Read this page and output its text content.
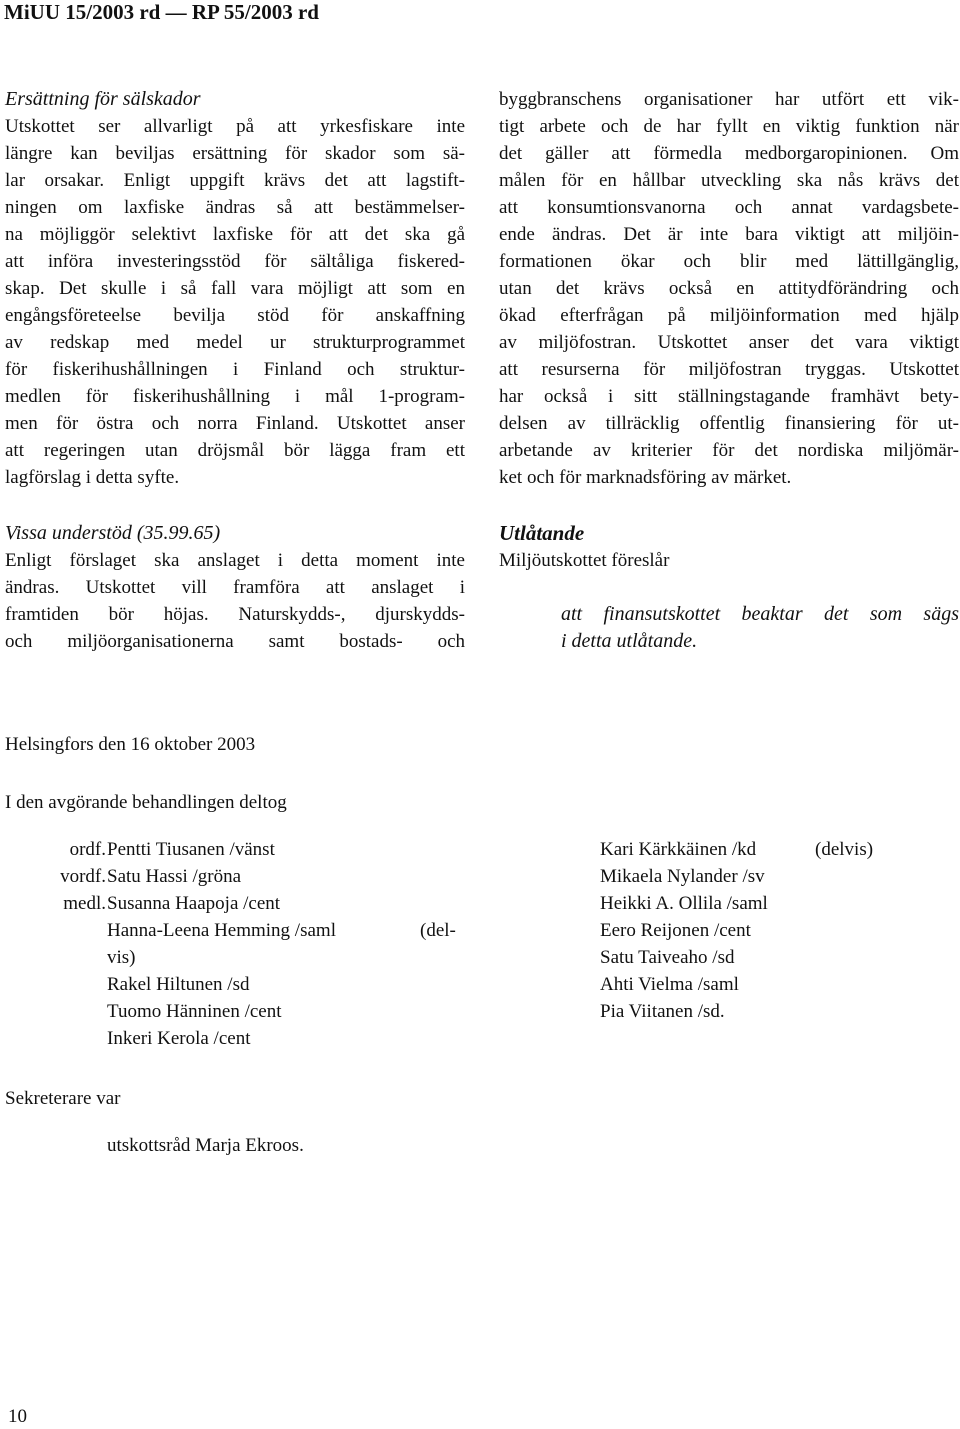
MiUU 15/2003 rd — RP 55/2003 rd

Ersättning för sälskador

Utskottet ser allvarligt på att yrkesfiskare inte
längre kan beviljas ersättning för skador som sä-
lar orsakar. Enligt uppgift krävs det att lagstift-
ningen om laxfiske ändras så att bestämmelser-
na möjliggör selektivt laxfiske för att det ska gå
att införa investeringsstöd för sältåliga fiskered-
skap. Det skulle i så fall vara möjligt att som en
engångsföreteelse bevilja stöd för anskaffning
av redskap med medel ur strukturprogrammet
för fiskerihushållningen i Finland och struktur-
medlen för fiskerihushållning i mål 1-program-
men för östra och norra Finland. Utskottet anser
att regeringen utan dröjsmål bör lägga fram ett
lagförslag i detta syfte.

Vissa understöd (35.99.65)

Enligt förslaget ska anslaget i detta moment inte
ändras. Utskottet vill framföra att anslaget i
framtiden bör höjas. Naturskydds-, djurskydds-
och miljöorganisationerna samt bostads- och
byggbranschens organisationer har utfört ett vik-
tigt arbete och de har fyllt en viktig funktion när
det gäller att förmedla medborgaropinionen. Om
målen för en hållbar utveckling ska nås krävs det
att konsumtionsvanorna och annat vardagsbete-
ende ändras. Det är inte bara viktigt att miljöin-
formationen ökar och blir med lättillgänglig,
utan det krävs också en attitydförändring och
ökad efterfrågan på miljöinformation med hjälp
av miljöfostran. Utskottet anser det vara viktigt
att resurserna för miljöfostran tryggas. Utskottet
har också i sitt ställningstagande framhävt bety-
delsen av tillräcklig offentlig finansiering för ut-
arbetande av kriterier för det nordiska miljömär-
ket och för marknadsföring av märket.

Utlåtande

Miljöutskottet föreslår

att finansutskottet beaktar det som sägs
i detta utlåtande.
Helsingfors den 16 oktober 2003
I den avgörande behandlingen deltog
ordf.Pentti Tiusanen /vänst
vordf.Satu Hassi /gröna
medl.Susanna Haapoja /cent
Hanna-Leena Hemming /saml	(del-
vis)
Rakel Hiltunen /sd
Tuomo Hänninen /cent
Inkeri Kerola /cent
Kari Kärkkäinen /kd	(delvis)
Mikaela Nylander /sv
Heikki A. Ollila /saml
Eero Reijonen /cent
Satu Taiveaho /sd
Ahti Vielma /saml
Pia Viitanen /sd.
Sekreterare var
utskottsråd Marja Ekroos.
10
